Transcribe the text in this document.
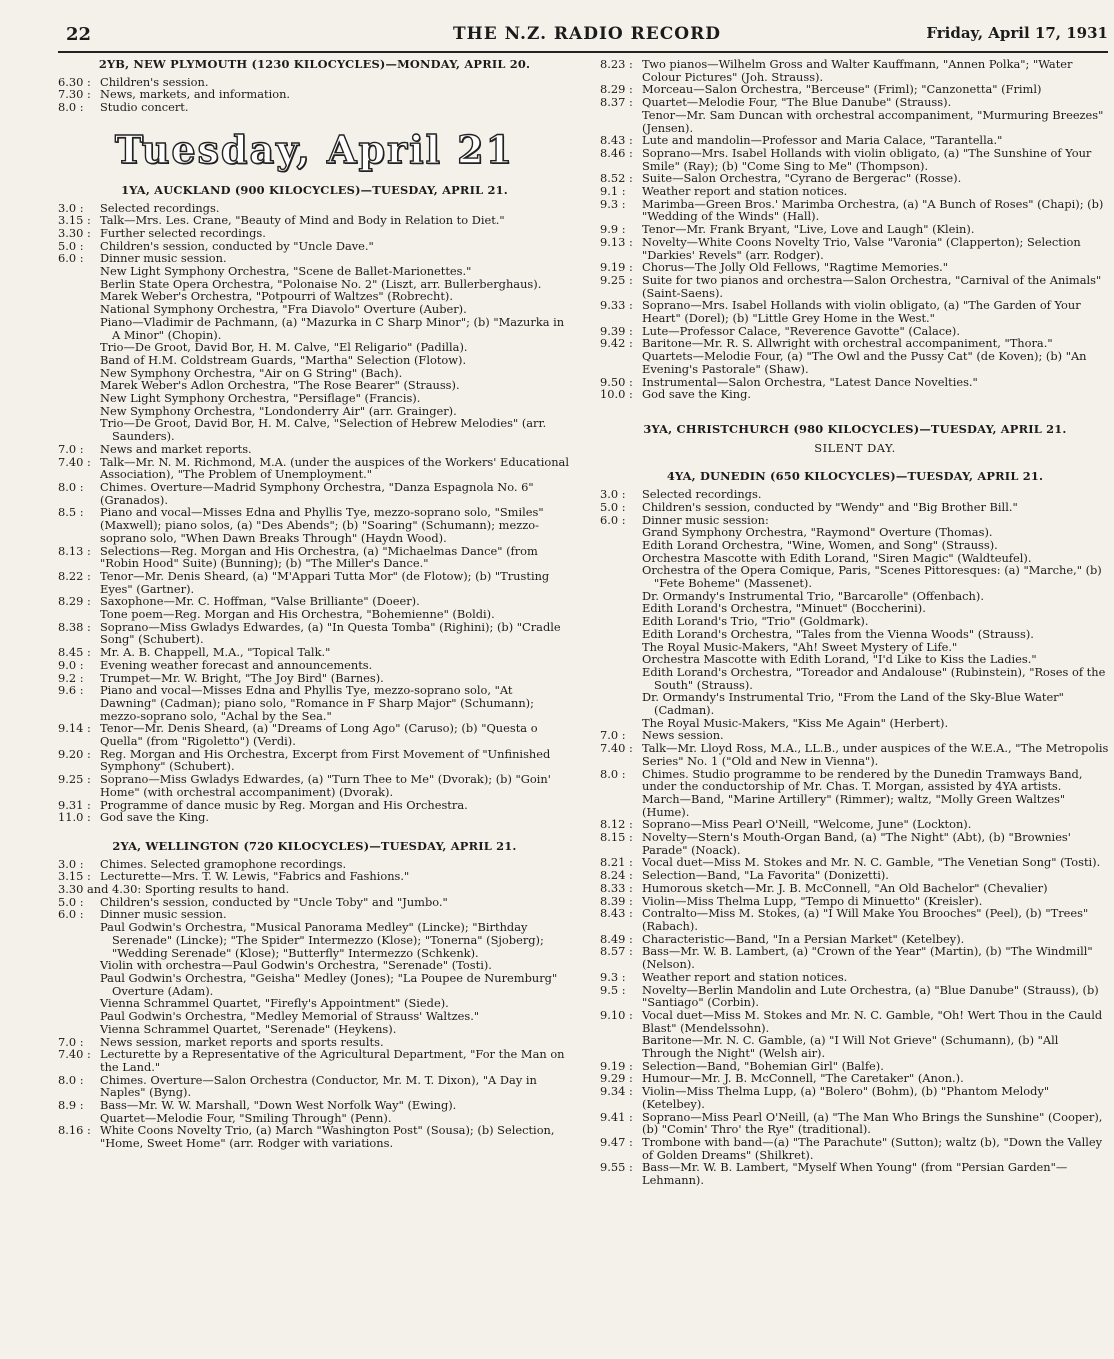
22	THE N.Z. RADIO RECORD	Friday, April 17, 1931
2YB, NEW PLYMOUTH (1230 KILOCYCLES)—MONDAY, APRIL 20.
6.30 : Children's session.
7.30 : News, markets, and information.
8.0 :	Studio concert.
Tuesday, April 21
1YA, AUCKLAND (900 KILOCYCLES)—TUESDAY, APRIL 21.
3.0 :	Selected recordings.
3.15 : Talk—Mrs. Les. Crane, "Beauty of Mind and Body in Relation to Diet."
3.30 : Further selected recordings.
5.0 :	Children's session, conducted by "Uncle Dave."
6.0 :	Dinner music session.
New Light Symphony Orchestra, "Scene de Ballet-Marionettes."
Berlin State Opera Orchestra, "Polonaise No. 2" (Liszt, arr. Bullerberghaus).
Marek Weber's Orchestra, "Potpourri of Waltzes" (Robrecht).
National Symphony Orchestra, "Fra Diavolo" Overture (Auber).
Piano—Vladimir de Pachmann, (a) "Mazurka in C Sharp Minor"; (b) "Mazurka in A Minor" (Chopin).
Trio—De Groot, David Bor, H. M. Calve, "El Religario" (Padilla).
Band of H.M. Coldstream Guards, "Martha" Selection (Flotow).
New Symphony Orchestra, "Air on G String" (Bach).
Marek Weber's Adlon Orchestra, "The Rose Bearer" (Strauss).
New Light Symphony Orchestra, "Persiflage" (Francis).
New Symphony Orchestra, "Londonderry Air" (arr. Grainger).
Trio—De Groot, David Bor, H. M. Calve, "Selection of Hebrew Melodies" (arr. Saunders).
7.0 :	News and market reports.
7.40 : Talk—Mr. N. M. Richmond, M.A. (under the auspices of the Workers' Educational Association), "The Problem of Unemployment."
8.0 :	Chimes. Overture—Madrid Symphony Orchestra, "Danza Espagnola No. 6" (Granados).
8.5 :	Piano and vocal—Misses Edna and Phyllis Tye, mezzo-soprano solo, "Smiles" (Maxwell); piano solos, (a) "Des Abends"; (b) "Soaring" (Schumann); mezzo-soprano solo, "When Dawn Breaks Through" (Haydn Wood).
8.13 : Selections—Reg. Morgan and His Orchestra, (a) "Michaelmas Dance" (from "Robin Hood" Suite) (Bunning); (b) "The Miller's Dance."
8.22 : Tenor—Mr. Denis Sheard, (a) "M'Appari Tutta Mor" (de Flotow); (b) "Trusting Eyes" (Gartner).
8.29 : Saxophone—Mr. C. Hoffman, "Valse Brilliante" (Doeer).
Tone poem—Reg. Morgan and His Orchestra, "Bohemienne" (Boldi).
8.38 : Soprano—Miss Gwladys Edwardes, (a) "In Questa Tomba" (Righini); (b) "Cradle Song" (Schubert).
8.45 : Mr. A. B. Chappell, M.A., "Topical Talk."
9.0 :	Evening weather forecast and announcements.
9.2 :	Trumpet—Mr. W. Bright, "The Joy Bird" (Barnes).
9.6 :	Piano and vocal—Misses Edna and Phyllis Tye, mezzo-soprano solo, "At Dawning" (Cadman); piano solo, "Romance in F Sharp Major" (Schumann); mezzo-soprano solo, "Achal by the Sea."
9.14 : Tenor—Mr. Denis Sheard, (a) "Dreams of Long Ago" (Caruso); (b) "Questa o Quella" (from "Rigoletto") (Verdi).
9.20 : Reg. Morgan and His Orchestra, Excerpt from First Movement of "Unfinished Symphony" (Schubert).
9.25 : Soprano—Miss Gwladys Edwardes, (a) "Turn Thee to Me" (Dvorak); (b) "Goin' Home" (with orchestral accompaniment) (Dvorak).
9.31 : Programme of dance music by Reg. Morgan and His Orchestra.
11.0 : God save the King.
2YA, WELLINGTON (720 KILOCYCLES)—TUESDAY, APRIL 21.
3.0 :	Chimes. Selected gramophone recordings.
3.15 : Lecturette—Mrs. T. W. Lewis, "Fabrics and Fashions."
3.30 and 4.30: Sporting results to hand.
5.0 :	Children's session, conducted by "Uncle Toby" and "Jumbo."
6.0 :	Dinner music session.
Paul Godwin's Orchestra, "Musical Panorama Medley" (Lincke); "Birthday Serenade" (Lincke); "The Spider" Intermezzo (Klose); "Tonerna" (Sjoberg); "Wedding Serenade" (Klose); "Butterfly" Intermezzo (Schkenk).
Violin with orchestra—Paul Godwin's Orchestra, "Serenade" (Tosti).
Paul Godwin's Orchestra, "Geisha" Medley (Jones); "La Poupee de Nuremburg" Overture (Adam).
Vienna Schrammel Quartet, "Firefly's Appointment" (Siede).
Paul Godwin's Orchestra, "Medley Memorial of Strauss' Waltzes."
Vienna Schrammel Quartet, "Serenade" (Heykens).
7.0 :	News session, market reports and sports results.
7.40 : Lecturette by a Representative of the Agricultural Department, "For the Man on the Land."
8.0 :	Chimes. Overture—Salon Orchestra (Conductor, Mr. M. T. Dixon), "A Day in Naples" (Byng).
8.9 :	Bass—Mr. W. W. Marshall, "Down West Norfolk Way" (Ewing).
Quartet—Melodie Four, "Smiling Through" (Penn).
8.16 : White Coons Novelty Trio, (a) March "Washington Post" (Sousa); (b) Selection, "Home, Sweet Home" (arr. Rodger with variations.
8.23 : Two pianos—Wilhelm Gross and Walter Kauffmann, "Annen Polka"; "Water Colour Pictures" (Joh. Strauss).
8.29 : Morceau—Salon Orchestra, "Berceuse" (Friml); "Canzonetta" (Friml)
8.37 : Quartet—Melodie Four, "The Blue Danube" (Strauss).
Tenor—Mr. Sam Duncan with orchestral accompaniment, "Murmuring Breezes" (Jensen).
8.43 : Lute and mandolin—Professor and Maria Calace, "Tarantella."
8.46 : Soprano—Mrs. Isabel Hollands with violin obligato, (a) "The Sunshine of Your Smile" (Ray); (b) "Come Sing to Me" (Thompson).
8.52 : Suite—Salon Orchestra, "Cyrano de Bergerac" (Rosse).
9.1 :	Weather report and station notices.
9.3 :	Marimba—Green Bros.' Marimba Orchestra, (a) "A Bunch of Roses" (Chapi); (b) "Wedding of the Winds" (Hall).
9.9 :	Tenor—Mr. Frank Bryant, "Live, Love and Laugh" (Klein).
9.13 : Novelty—White Coons Novelty Trio, Valse "Varonia" (Clapperton); Selection "Darkies' Revels" (arr. Rodger).
9.19 : Chorus—The Jolly Old Fellows, "Ragtime Memories."
9.25 : Suite for two pianos and orchestra—Salon Orchestra, "Carnival of the Animals" (Saint-Saens).
9.33 : Soprano—Mrs. Isabel Hollands with violin obligato, (a) "The Garden of Your Heart" (Dorel); (b) "Little Grey Home in the West."
9.39 : Lute—Professor Calace, "Reverence Gavotte" (Calace).
9.42 : Baritone—Mr. R. S. Allwright with orchestral accompaniment, "Thora."
Quartets—Melodie Four, (a) "The Owl and the Pussy Cat" (de Koven); (b) "An Evening's Pastorale" (Shaw).
9.50 : Instrumental—Salon Orchestra, "Latest Dance Novelties."
10.0 : God save the King.
3YA, CHRISTCHURCH (980 KILOCYCLES)—TUESDAY, APRIL 21.
SILENT DAY.
4YA, DUNEDIN (650 KILOCYCLES)—TUESDAY, APRIL 21.
3.0 :	Selected recordings.
5.0 :	Children's session, conducted by "Wendy" and "Big Brother Bill."
6.0 :	Dinner music session:
Grand Symphony Orchestra, "Raymond" Overture (Thomas).
Edith Lorand Orchestra, "Wine, Women, and Song" (Strauss).
Orchestra Mascotte with Edith Lorand, "Siren Magic" (Waldteufel).
Orchestra of the Opera Comique, Paris, "Scenes Pittoresques: (a) "Marche," (b) "Fete Boheme" (Massenet).
Dr. Ormandy's Instrumental Trio, "Barcarolle" (Offenbach).
Edith Lorand's Orchestra, "Minuet" (Boccherini).
Edith Lorand's Trio, "Trio" (Goldmark).
Edith Lorand's Orchestra, "Tales from the Vienna Woods" (Strauss).
The Royal Music-Makers, "Ah! Sweet Mystery of Life."
Orchestra Mascotte with Edith Lorand, "I'd Like to Kiss the Ladies."
Edith Lorand's Orchestra, "Toreador and Andalouse" (Rubinstein), "Roses of the South" (Strauss).
Dr. Ormandy's Instrumental Trio, "From the Land of the Sky-Blue Water" (Cadman).
The Royal Music-Makers, "Kiss Me Again" (Herbert).
7.0 :	News session.
7.40 : Talk—Mr. Lloyd Ross, M.A., LL.B., under auspices of the W.E.A., "The Metropolis Series" No. 1 ("Old and New in Vienna").
8.0 :	Chimes. Studio programme to be rendered by the Dunedin Tramways Band, under the conductorship of Mr. Chas. T. Morgan, assisted by 4YA artists.
March—Band, "Marine Artillery" (Rimmer); waltz, "Molly Green Waltzes" (Hume).
8.12 : Soprano—Miss Pearl O'Neill, "Welcome, June" (Lockton).
8.15 : Novelty—Stern's Mouth-Organ Band, (a) "The Night" (Abt), (b) "Brownies' Parade" (Noack).
8.21 : Vocal duet—Miss M. Stokes and Mr. N. C. Gamble, "The Venetian Song" (Tosti).
8.24 : Selection—Band, "La Favorita" (Donizetti).
8.33 : Humorous sketch—Mr. J. B. McConnell, "An Old Bachelor" (Chevalier)
8.39 : Violin—Miss Thelma Lupp, "Tempo di Minuetto" (Kreisler).
8.43 : Contralto—Miss M. Stokes, (a) "I Will Make You Brooches" (Peel), (b) "Trees" (Rabach).
8.49 : Characteristic—Band, "In a Persian Market" (Ketelbey).
8.57 : Bass—Mr. W. B. Lambert, (a) "Crown of the Year" (Martin), (b) "The Windmill" (Nelson).
9.3 :	Weather report and station notices.
9.5 :	Novelty—Berlin Mandolin and Lute Orchestra, (a) "Blue Danube" (Strauss), (b) "Santiago" (Corbin).
9.10 : Vocal duet—Miss M. Stokes and Mr. N. C. Gamble, "Oh! Wert Thou in the Cauld Blast" (Mendelssohn).
Baritone—Mr. N. C. Gamble, (a) "I Will Not Grieve" (Schumann), (b) "All Through the Night" (Welsh air).
9.19 : Selection—Band, "Bohemian Girl" (Balfe).
9.29 : Humour—Mr. J. B. McConnell, "The Caretaker" (Anon.).
9.34 : Violin—Miss Thelma Lupp, (a) "Bolero" (Bohm), (b) "Phantom Melody" (Ketelbey).
9.41 : Soprano—Miss Pearl O'Neill, (a) "The Man Who Brings the Sunshine" (Cooper), (b) "Comin' Thro' the Rye" (traditional).
9.47 : Trombone with band—(a) "The Parachute" (Sutton); waltz (b), "Down the Valley of Golden Dreams" (Shilkret).
9.55 : Bass—Mr. W. B. Lambert, "Myself When Young" (from "Persian Garden"—Lehmann).
